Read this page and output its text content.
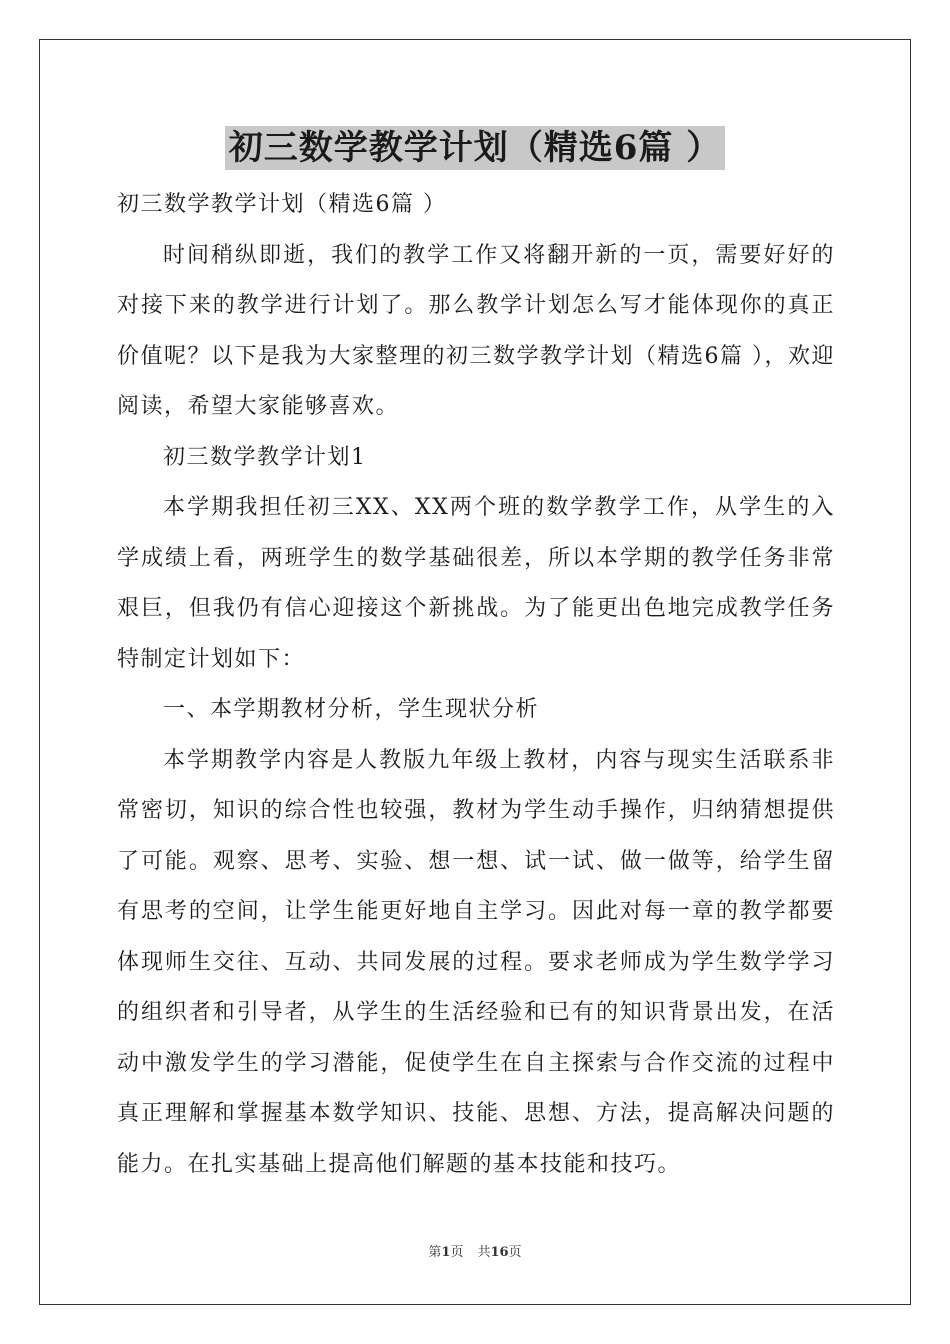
初三数学教学计划（精选6篇 ）

初三数学教学计划（精选6篇 ）

时间稍纵即逝，我们的教学工作又将翻开新的一页，需要好好的对接下来的教学进行计划了。那么教学计划怎么写才能体现你的真正价值呢？以下是我为大家整理的初三数学教学计划（精选6篇 ），欢迎阅读，希望大家能够喜欢。

初三数学教学计划1

本学期我担任初三XX、XX两个班的数学教学工作，从学生的入学成绩上看，两班学生的数学基础很差，所以本学期的教学任务非常艰巨，但我仍有信心迎接这个新挑战。为了能更出色地完成教学任务特制定计划如下：

一、本学期教材分析，学生现状分析

本学期教学内容是人教版九年级上教材，内容与现实生活联系非常密切，知识的综合性也较强，教材为学生动手操作，归纳猜想提供了可能。观察、思考、实验、想一想、试一试、做一做等，给学生留有思考的空间，让学生能更好地自主学习。因此对每一章的教学都要体现师生交往、互动、共同发展的过程。要求老师成为学生数学学习的组织者和引导者，从学生的生活经验和已有的知识背景出发，在活动中激发学生的学习潜能，促使学生在自主探索与合作交流的过程中真正理解和掌握基本数学知识、技能、思想、方法，提高解决问题的能力。在扎实基础上提高他们解题的基本技能和技巧。

第1页 共16页
